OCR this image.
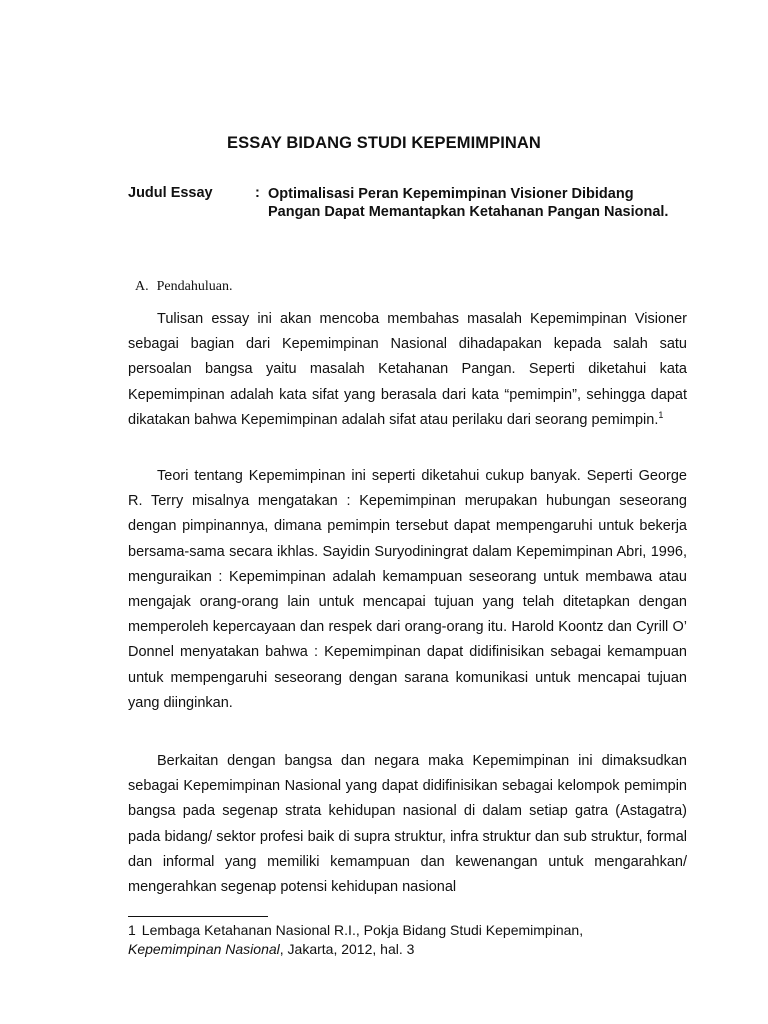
ESSAY BIDANG STUDI KEPEMIMPINAN
Judul Essay	: Optimalisasi Peran Kepemimpinan Visioner Dibidang Pangan Dapat Memantapkan Ketahanan Pangan Nasional.
A. Pendahuluan.

Tulisan essay ini akan mencoba membahas masalah Kepemimpinan Visioner sebagai bagian dari Kepemimpinan Nasional dihadapakan kepada salah satu persoalan bangsa yaitu masalah Ketahanan Pangan. Seperti diketahui kata Kepemimpinan adalah kata sifat yang berasala dari kata “pemimpin”, sehingga dapat dikatakan bahwa Kepemimpinan adalah sifat atau perilaku dari seorang pemimpin.$^1$

Teori tentang Kepemimpinan ini seperti diketahui cukup banyak. Seperti George R. Terry misalnya mengatakan : Kepemimpinan merupakan hubungan seseorang dengan pimpinannya, dimana pemimpin tersebut dapat mempengaruhi untuk bekerja bersama-sama secara ikhlas. Sayidin Suryodiningrat dalam Kepemimpinan Abri, 1996, menguraikan : Kepemimpinan adalah kemampuan seseorang untuk membawa atau mengajak orang-orang lain untuk mencapai tujuan yang telah ditetapkan dengan memperoleh kepercayaan dan respek dari orang-orang itu. Harold Koontz dan Cyrill O’ Donnel menyatakan bahwa : Kepemimpinan dapat didifinisikan sebagai kemampuan untuk mempengaruhi seseorang dengan sarana komunikasi untuk mencapai tujuan yang diinginkan.

Berkaitan dengan bangsa dan negara maka Kepemimpinan ini dimaksudkan sebagai Kepemimpinan Nasional yang dapat didifinisikan sebagai kelompok pemimpin bangsa pada segenap strata kehidupan nasional di dalam setiap gatra (Astagatra) pada bidang/ sektor profesi baik di supra struktur, infra struktur dan sub struktur, formal dan informal yang memiliki kemampuan dan kewenangan untuk mengarahkan/ mengerahkan segenap potensi kehidupan nasional

1 Lembaga Ketahanan Nasional R.I., Pokja Bidang Studi Kepemimpinan,
Kepemimpinan Nasional, Jakarta, 2012, hal. 3
